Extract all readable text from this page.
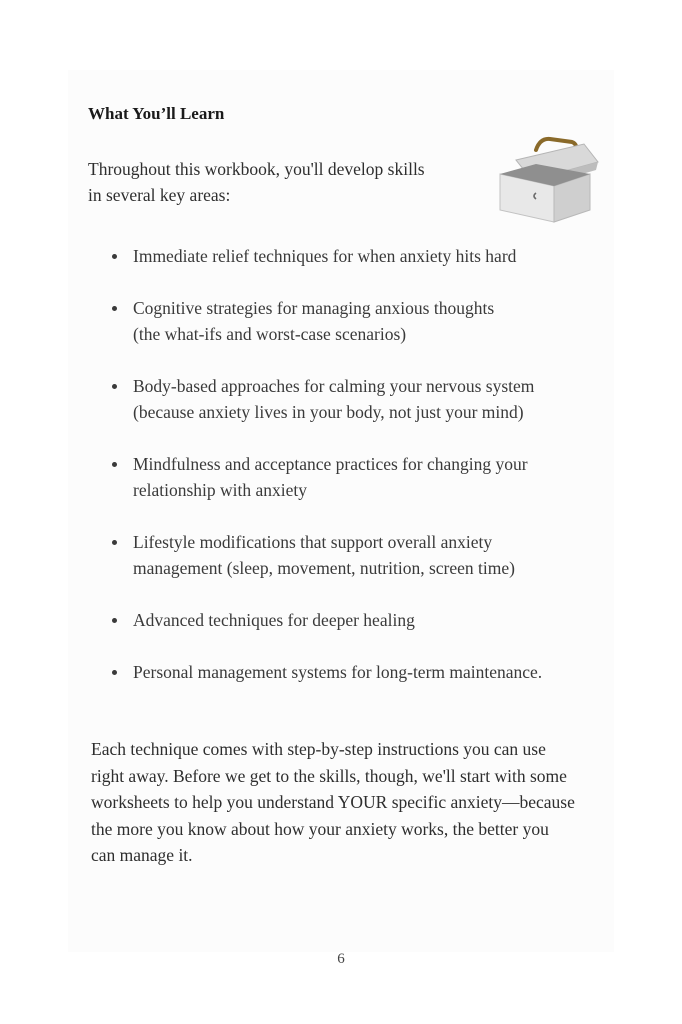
What You’ll Learn
Throughout this workbook, you'll develop skills
in several key areas:
Immediate relief techniques for when anxiety hits hard
Cognitive strategies for managing anxious thoughts
(the what-ifs and worst-case scenarios)
Body-based approaches for calming your nervous system
(because anxiety lives in your body, not just your mind)
Mindfulness and acceptance practices for changing your
relationship with anxiety
Lifestyle modifications that support overall anxiety
management (sleep, movement, nutrition, screen time)
Advanced techniques for deeper healing
Personal management systems for long-term maintenance.
Each technique comes with step-by-step instructions you can use
right away. Before we get to the skills, though, we'll start with some
worksheets to help you understand YOUR specific anxiety—because
the more you know about how your anxiety works, the better you
can manage it.
6
